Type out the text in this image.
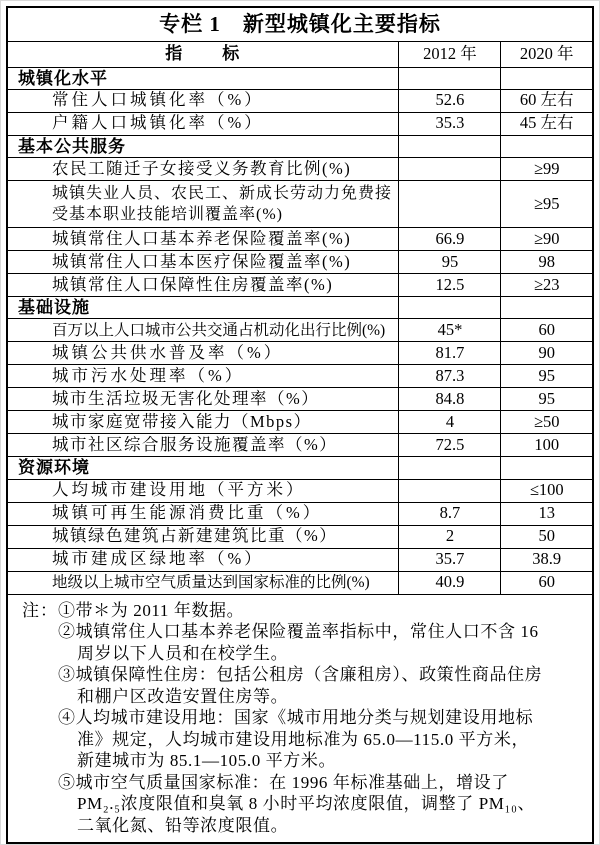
专栏 1　新型城镇化主要指标		
指　　标	2012 年	2020 年
城镇化水平		
常住人口城镇化率（%）	52.6	60 左右
户籍人口城镇化率（%）	35.3	45 左右
基本公共服务		
农民工随迁子女接受义务教育比例(%)		≥99
城镇失业人员、农民工、新成长劳动力免费接受基本职业技能培训覆盖率(%)		≥95
城镇常住人口基本养老保险覆盖率(%)	66.9	≥90
城镇常住人口基本医疗保险覆盖率(%)	95	98
城镇常住人口保障性住房覆盖率(%)	12.5	≥23
基础设施		
百万以上人口城市公共交通占机动化出行比例(%)	45*	60
城镇公共供水普及率（%）	81.7	90
城市污水处理率（%）	87.3	95
城市生活垃圾无害化处理率（%）	84.8	95
城市家庭宽带接入能力（Mbps）	4	≥50
城市社区综合服务设施覆盖率（%）	72.5	100
资源环境		
人均城市建设用地（平方米）		≤100
城镇可再生能源消费比重（%）	8.7	13
城镇绿色建筑占新建建筑比重（%）	2	50
城市建成区绿地率（%）	35.7	38.9
地级以上城市空气质量达到国家标准的比例(%)	40.9	60

注： ①带＊为 2011 年数据。
②城镇常住人口基本养老保险覆盖率指标中，常住人口不含 16
周岁以下人员和在校学生。
③城镇保障性住房：包括公租房（含廉租房）、政策性商品住房
和棚户区改造安置住房等。
④人均城市建设用地：国家《城市用地分类与规划建设用地标
准》规定，人均城市建设用地标准为 65.0—115.0 平方米，
新建城市为 85.1—105.0 平方米。
⑤城市空气质量国家标准：在 1996 年标准基础上，增设了
PM₂.₅浓度限值和臭氧 8 小时平均浓度限值，调整了 PM₁₀、
二氧化氮、铅等浓度限值。
